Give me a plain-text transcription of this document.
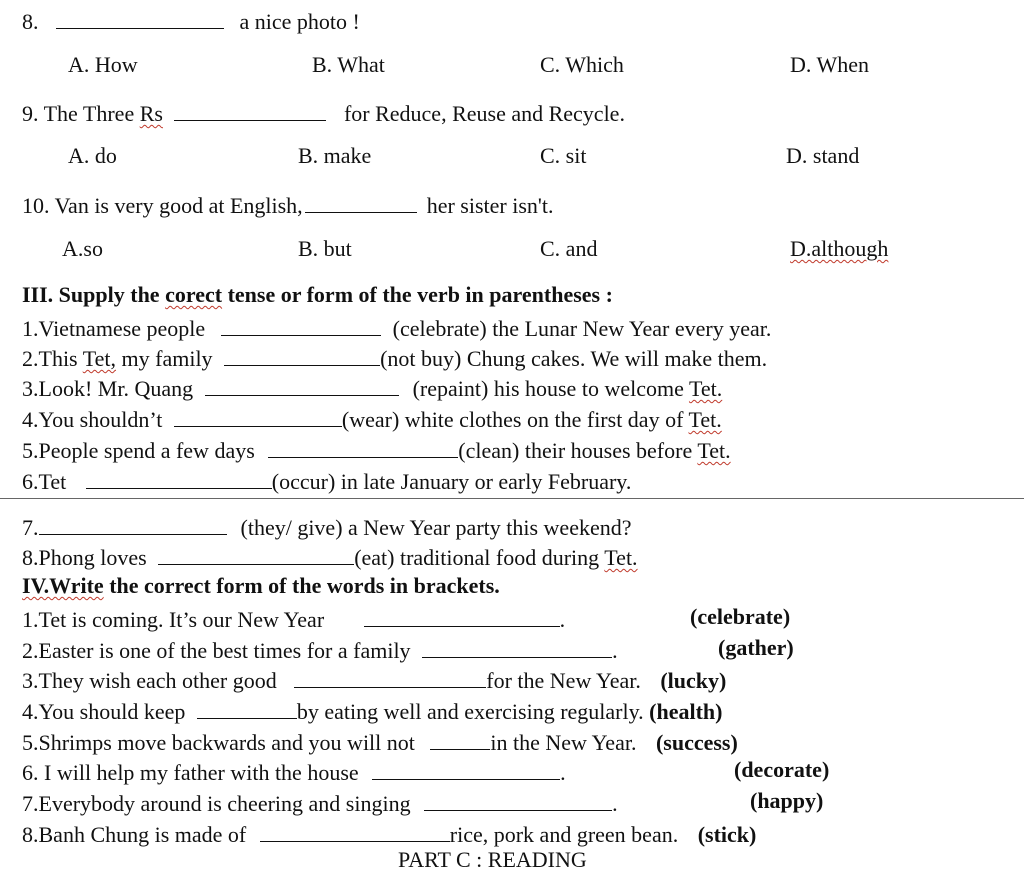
8.	a nice photo !
A. How	B. What	C. Which	D. When
9. The Three Rs	for Reduce, Reuse and Recycle.
A. do	B. make	C. sit	D. stand
10. Van is very good at English,	her sister isn't.
A.so	B. but	C. and	D.although
III. Supply the corect tense or form of the verb in parentheses :
1.Vietnamese people	(celebrate) the Lunar New Year every year.
2.This Tet, my family	(not buy) Chung cakes. We will make them.
3.Look! Mr. Quang	(repaint) his house to welcome Tet.
4.You shouldn’t	(wear) white clothes on the first day of Tet.
5.People spend a few days	(clean) their houses before Tet.
6.Tet	(occur) in late January or early February.
7.	(they/ give) a New Year party this weekend?
8.Phong loves	(eat) traditional food during Tet.
IV.Write the correct form of the words in brackets.
1.Tet is coming. It’s our New Year	.	(celebrate)
2.Easter is one of the best times for a family	.	(gather)
3.They wish each other good	for the New Year. (lucky)
4.You should keep	by eating well and exercising regularly. (health)
5.Shrimps move backwards and you will not	in the New Year. (success)
6. I will help my father with the house	.	(decorate)
7.Everybody around is cheering and singing	.	(happy)
8.Banh Chung is made of	rice, pork and green bean. (stick)
PART C : READING
